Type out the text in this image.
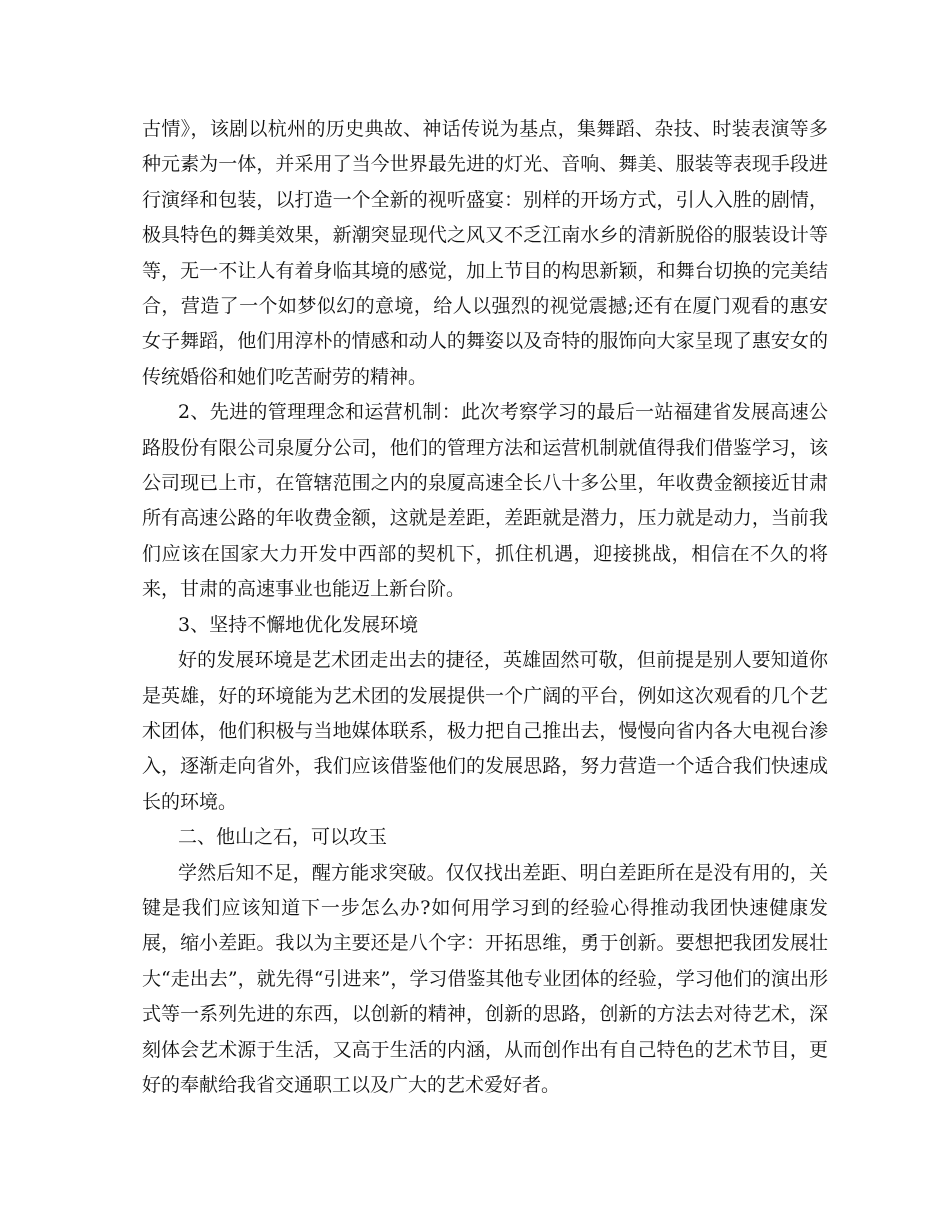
古情》，该剧以杭州的历史典故、神话传说为基点，集舞蹈、杂技、时装表演等多种元素为一体，并采用了当今世界最先进的灯光、音响、舞美、服装等表现手段进行演绎和包装，以打造一个全新的视听盛宴：别样的开场方式，引人入胜的剧情，极具特色的舞美效果，新潮突显现代之风又不乏江南水乡的清新脱俗的服装设计等等，无一不让人有着身临其境的感觉，加上节目的构思新颖，和舞台切换的完美结合，营造了一个如梦似幻的意境，给人以强烈的视觉震撼;还有在厦门观看的惠安女子舞蹈，他们用淳朴的情感和动人的舞姿以及奇特的服饰向大家呈现了惠安女的传统婚俗和她们吃苦耐劳的精神。

2、先进的管理理念和运营机制：此次考察学习的最后一站福建省发展高速公路股份有限公司泉厦分公司，他们的管理方法和运营机制就值得我们借鉴学习，该公司现已上市，在管辖范围之内的泉厦高速全长八十多公里，年收费金额接近甘肃所有高速公路的年收费金额，这就是差距，差距就是潜力，压力就是动力，当前我们应该在国家大力开发中西部的契机下，抓住机遇，迎接挑战，相信在不久的将来，甘肃的高速事业也能迈上新台阶。

3、坚持不懈地优化发展环境

好的发展环境是艺术团走出去的捷径，英雄固然可敬，但前提是别人要知道你是英雄，好的环境能为艺术团的发展提供一个广阔的平台，例如这次观看的几个艺术团体，他们积极与当地媒体联系，极力把自己推出去，慢慢向省内各大电视台渗入，逐渐走向省外，我们应该借鉴他们的发展思路，努力营造一个适合我们快速成长的环境。

二、他山之石，可以攻玉

学然后知不足，醒方能求突破。仅仅找出差距、明白差距所在是没有用的，关键是我们应该知道下一步怎么办?如何用学习到的经验心得推动我团快速健康发展，缩小差距。我以为主要还是八个字：开拓思维，勇于创新。要想把我团发展壮大“走出去”，就先得“引进来”，学习借鉴其他专业团体的经验，学习他们的演出形式等一系列先进的东西，以创新的精神，创新的思路，创新的方法去对待艺术，深刻体会艺术源于生活，又高于生活的内涵，从而创作出有自己特色的艺术节目，更好的奉献给我省交通职工以及广大的艺术爱好者。
